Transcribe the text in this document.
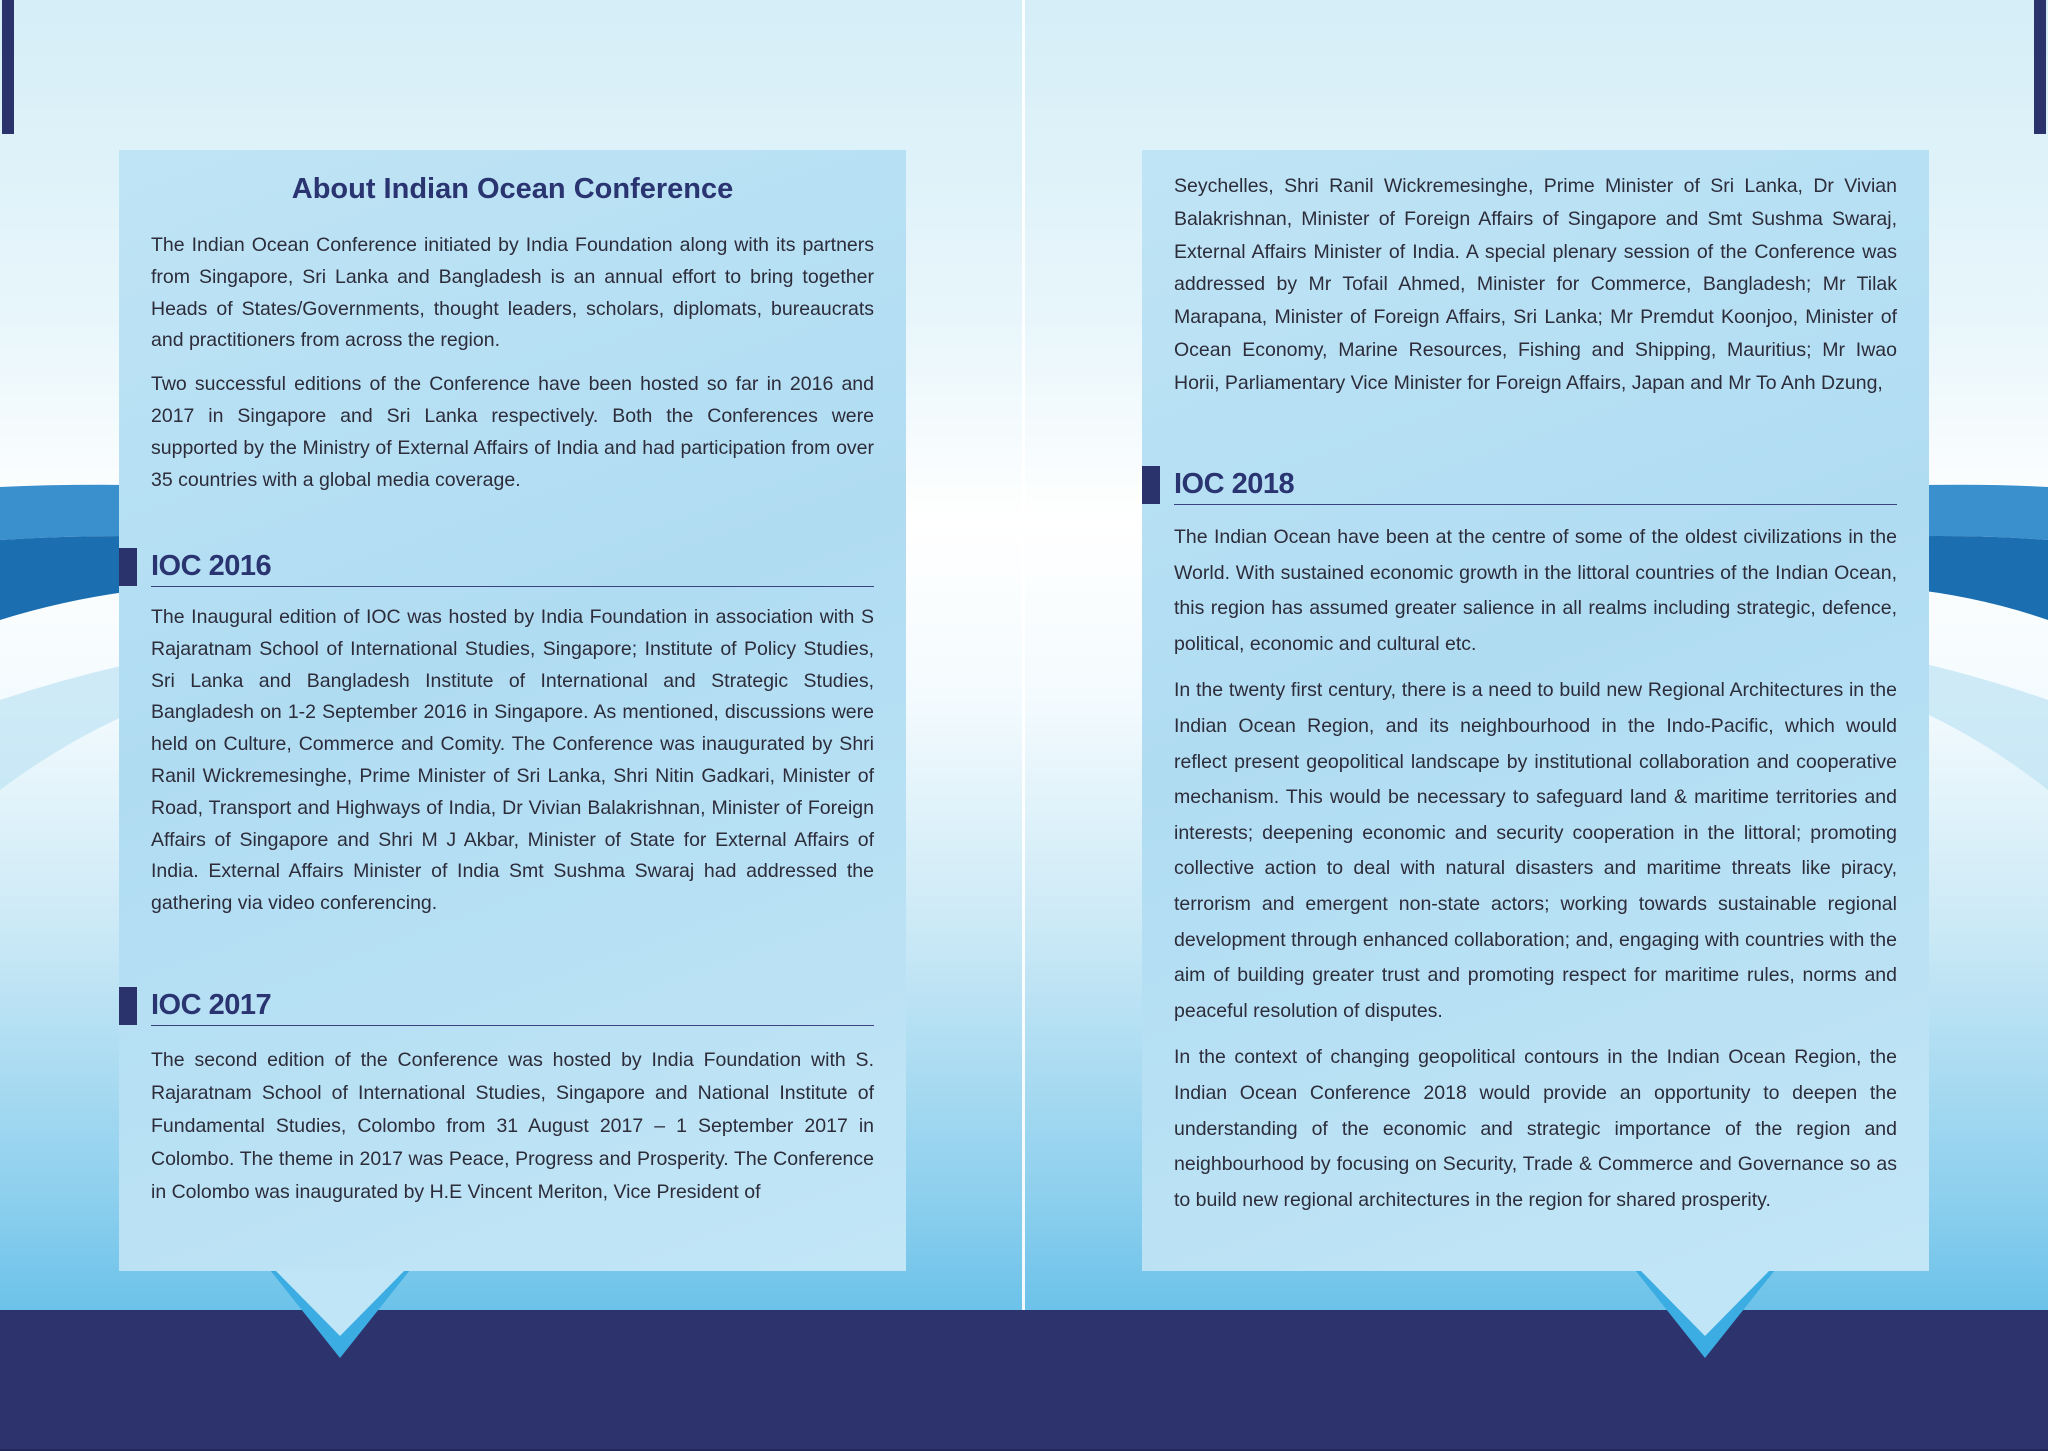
About Indian Ocean Conference

The Indian Ocean Conference initiated by India Foundation along with its partners from Singapore, Sri Lanka and Bangladesh is an annual effort to bring together Heads of States/Governments, thought leaders, scholars, diplomats, bureaucrats and practitioners from across the region.

Two successful editions of the Conference have been hosted so far in 2016 and 2017 in Singapore and Sri Lanka respectively. Both the Conferences were supported by the Ministry of External Affairs of India and had participation from over 35 countries with a global media coverage.

IOC 2016

The Inaugural edition of IOC was hosted by India Foundation in association with S Rajaratnam School of International Studies, Singapore; Institute of Policy Studies, Sri Lanka and Bangladesh Institute of International and Strategic Studies, Bangladesh on 1-2 September 2016 in Singapore. As mentioned, discussions were held on Culture, Commerce and Comity. The Conference was inaugurated by Shri Ranil Wickremesinghe, Prime Minister of Sri Lanka, Shri Nitin Gadkari, Minister of Road, Transport and Highways of India, Dr Vivian Balakrishnan, Minister of Foreign Affairs of Singapore and Shri M J Akbar, Minister of State for External Affairs of India. External Affairs Minister of India Smt Sushma Swaraj had addressed the gathering via video conferencing.

IOC 2017

The second edition of the Conference was hosted by India Foundation with S. Rajaratnam School of International Studies, Singapore and National Institute of Fundamental Studies, Colombo from 31 August 2017 – 1 September 2017 in Colombo. The theme in 2017 was Peace, Progress and Prosperity. The Conference in Colombo was inaugurated by H.E Vincent Meriton, Vice President of

Seychelles, Shri Ranil Wickremesinghe, Prime Minister of Sri Lanka, Dr Vivian Balakrishnan, Minister of Foreign Affairs of Singapore and Smt Sushma Swaraj, External Affairs Minister of India. A special plenary session of the Conference was addressed by Mr Tofail Ahmed, Minister for Commerce, Bangladesh; Mr Tilak Marapana, Minister of Foreign Affairs, Sri Lanka; Mr Premdut Koonjoo, Minister of Ocean Economy, Marine Resources, Fishing and Shipping, Mauritius; Mr Iwao Horii, Parliamentary Vice Minister for Foreign Affairs, Japan and Mr To Anh Dzung,

IOC 2018

The Indian Ocean have been at the centre of some of the oldest civilizations in the World. With sustained economic growth in the littoral countries of the Indian Ocean, this region has assumed greater salience in all realms including strategic, defence, political, economic and cultural etc.

In the twenty first century, there is a need to build new Regional Architectures in the Indian Ocean Region, and its neighbourhood in the Indo-Pacific, which would reflect present geopolitical landscape by institutional collaboration and cooperative mechanism. This would be necessary to safeguard land & maritime territories and interests; deepening economic and security cooperation in the littoral; promoting collective action to deal with natural disasters and maritime threats like piracy, terrorism and emergent non-state actors; working towards sustainable regional development through enhanced collaboration; and, engaging with countries with the aim of building greater trust and promoting respect for maritime rules, norms and peaceful resolution of disputes.

In the context of changing geopolitical contours in the Indian Ocean Region, the Indian Ocean Conference 2018 would provide an opportunity to deepen the understanding of the economic and strategic importance of the region and neighbourhood by focusing on Security, Trade & Commerce and Governance so as to build new regional architectures in the region for shared prosperity.
